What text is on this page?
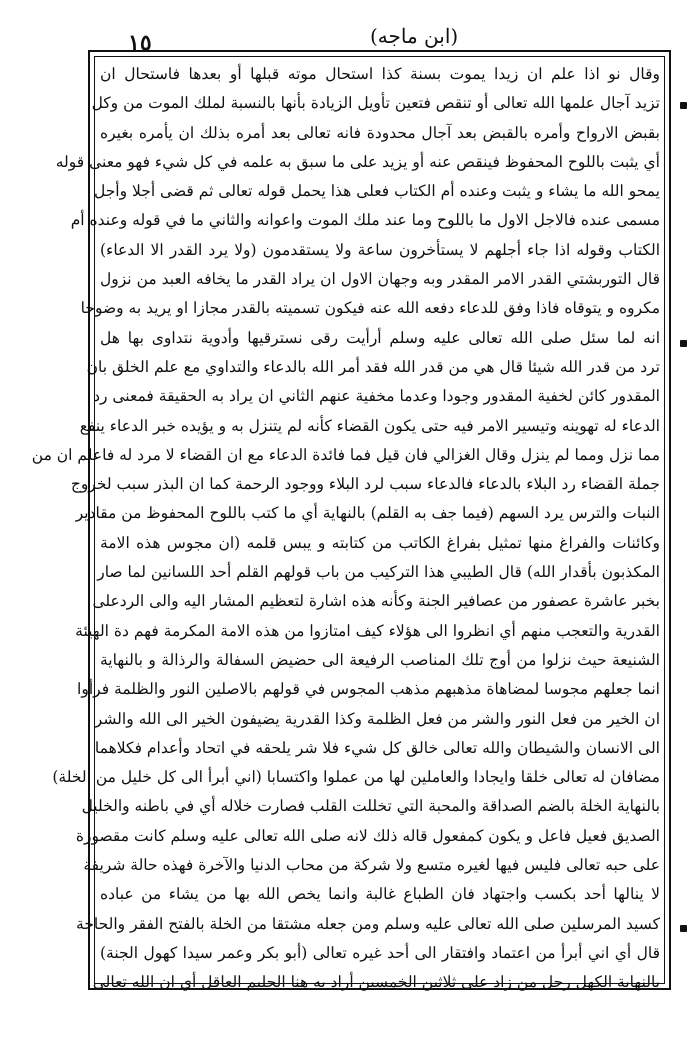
١٥	(ابن ماجه)
وقال نو اذا علم ان زيدا يموت بسنة كذا استحال موته قبلها أو بعدها فاستحال ان
تزيد آجال علمها الله تعالى أو تنقص فتعين تأويل الزيادة بأنها بالنسبة لملك الموت من وكل
بقبض الارواح وأمره بالقبض بعد آجال محدودة فانه تعالى بعد أمره بذلك ان يأمره بغيره
أي يثبت باللوح المحفوظ فينقص عنه أو يزيد على ما سبق به علمه في كل شيء فهو معنى قوله
يمحو الله ما يشاء و يثبت وعنده أم الكتاب فعلى هذا يحمل قوله تعالى ثم قضى أجلا وأجل
مسمى عنده فالاجل الاول ما باللوح وما عند ملك الموت واعوانه والثاني ما في قوله وعنده أم
الكتاب وقوله اذا جاء أجلهم لا يستأخرون ساعة ولا يستقدمون (ولا يرد القدر الا الدعاء)
قال التوربشتي القدر الامر المقدر وبه وجهان الاول ان يراد القدر ما يخافه العبد من نزول
مكروه و يتوقاه فاذا وفق للدعاء دفعه الله عنه فيكون تسميته بالقدر مجازا او يريد به وضوحا
انه لما سئل صلى الله تعالى عليه وسلم أرأيت رقى نسترقيها وأدوية نتداوى بها هل
ترد من قدر الله شيئا قال هي من قدر الله فقد أمر الله بالدعاء والتداوي مع علم الخلق بان
المقدور كائن لخفية المقدور وجودا وعدما مخفية عنهم الثاني ان يراد به الحقيقة فمعنى رد
الدعاء له تهوينه وتيسير الامر فيه حتى يكون القضاء كأنه لم يتنزل به و يؤيده خبر الدعاء ينفع
مما نزل ومما لم ينزل وقال الغزالي فان قيل فما فائدة الدعاء مع ان القضاء لا مرد له فاعلم ان من
جملة القضاء رد البلاء بالدعاء فالدعاء سبب لرد البلاء ووجود الرحمة كما ان البذر سبب لخروج
النبات والترس يرد السهم (فيما جف به القلم) بالنهاية أي ما كتب باللوح المحفوظ من مقادير
وكائنات والفراغ منها تمثيل بفراغ الكاتب من كتابته و يبس قلمه (ان مجوس هذه الامة
المكذبون بأقدار الله) قال الطيبي هذا التركيب من باب قولهم القلم أحد اللسانين لما صار
بخبر عاشرة عصفور من عصافير الجنة وكأنه هذه اشارة لتعظيم المشار اليه والى الردعلى
القدرية والتعجب منهم أي انظروا الى هؤلاء كيف امتازوا من هذه الامة المكرمة فهم دة الهيئة
الشنيعة حيث نزلوا من أوج تلك المناصب الرفيعة الى حضيض السفالة والرذالة و بالنهاية
انما جعلهم مجوسا لمضاهاة مذهبهم مذهب المجوس في قولهم بالاصلين النور والظلمة فرأوا
ان الخير من فعل النور والشر من فعل الظلمة وكذا القدرية يضيفون الخير الى الله والشر
الى الانسان والشيطان والله تعالى خالق كل شيء فلا شر يلحقه في اتحاد وأعدام فكلاهما
مضافان له تعالى خلقا وايجادا والعاملين لها من عملوا واكتسابا (اني أبرأ الى كل خليل من الخلة)
بالنهاية الخلة بالضم الصداقة والمحبة التي تخللت القلب فصارت خلاله أي في باطنه والخليل
الصديق فعيل فاعل و يكون كمفعول قاله ذلك لانه صلى الله تعالى عليه وسلم كانت مقصورة
على حبه تعالى فليس فيها لغيره متسع ولا شركة من محاب الدنيا والآخرة فهذه حالة شريفة
لا ينالها أحد بكسب واجتهاد فان الطباع غالبة وانما يخص الله بها من يشاء من عباده
كسيد المرسلين صلى الله تعالى عليه وسلم ومن جعله مشتقا من الخلة بالفتح الفقر والحاجة
قال أي اني أبرأ من اعتماد وافتقار الى أحد غيره تعالى (أبو بكر وعمر سيدا كهول الجنة)
بالنهاية الكهل رجل من زاد على ثلاثين الخمسين أراد به هنا الحليم العاقل أي ان الله تعالى
